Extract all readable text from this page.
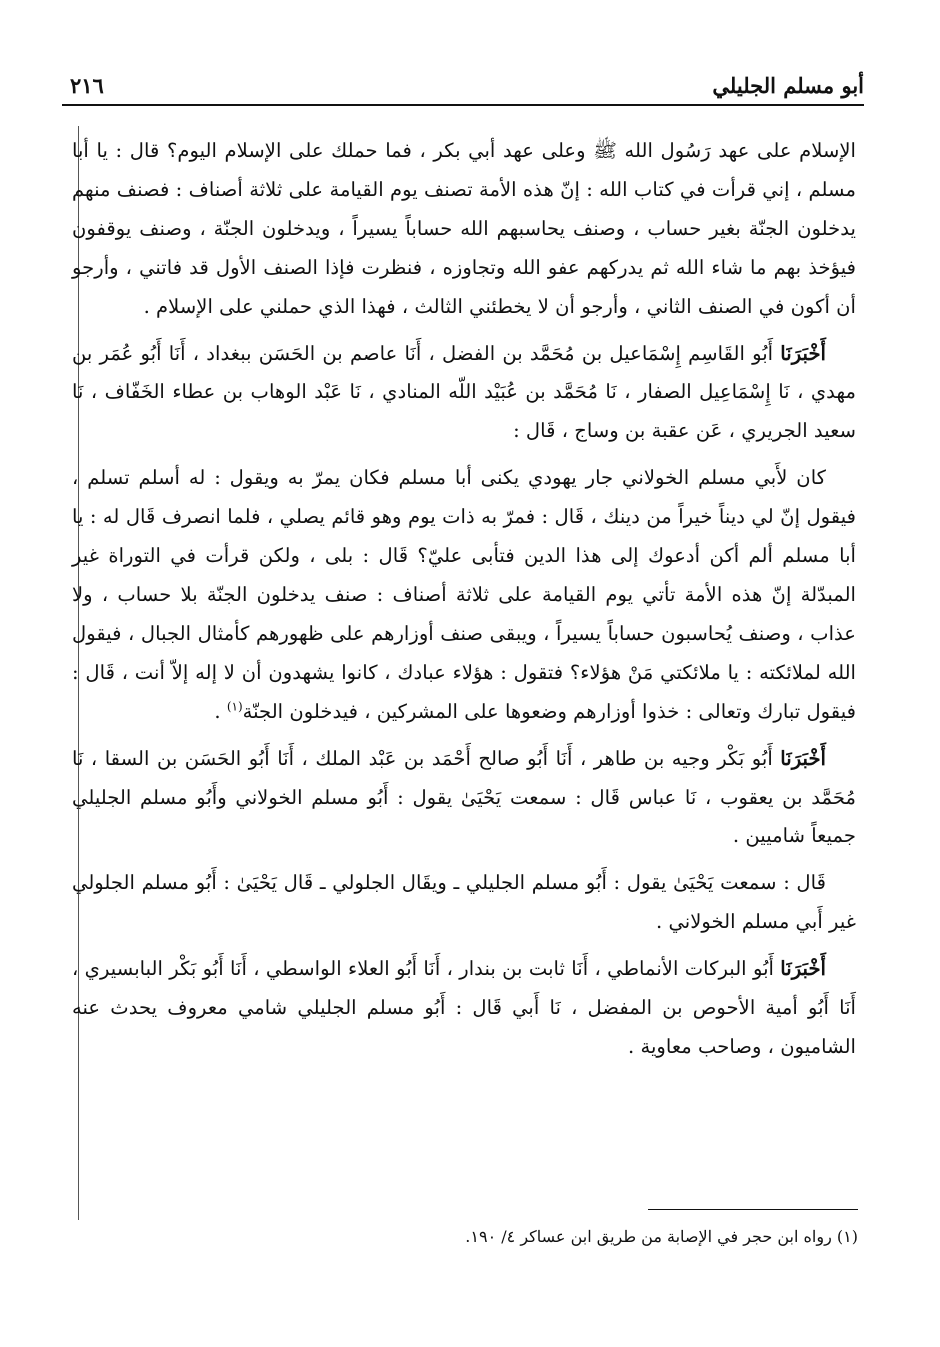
أبو مسلم الجليلي
٢١٦

الإسلام على عهد رَسُول الله ﷺ وعلى عهد أبي بكر ، فما حملك على الإسلام اليوم؟ قال : يا أبا مسلم ، إني قرأت في كتاب الله : إنّ هذه الأمة تصنف يوم القيامة على ثلاثة أصناف : فصنف منهم يدخلون الجنّة بغير حساب ، وصنف يحاسبهم الله حساباً يسيراً ، ويدخلون الجنّة ، وصنف يوقفون فيؤخذ بهم ما شاء الله ثم يدركهم عفو الله وتجاوزه ، فنظرت فإذا الصنف الأول قد فاتني ، وأرجو أن أكون في الصنف الثاني ، وأرجو أن لا يخطئني الثالث ، فهذا الذي حملني على الإسلام .

أَخْبَرَنَا أَبُو القَاسِم إِسْمَاعيل بن مُحَمَّد بن الفضل ، أَنَا عاصم بن الحَسَن ببغداد ، أَنَا أَبُو عُمَر بن مهدي ، نَا إِسْمَاعِيل الصفار ، نَا مُحَمَّد بن عُبَيْد اللّه المنادي ، نَا عَبْد الوهاب بن عطاء الخَفّاف ، نَا سعيد الجريري ، عَن عقبة بن وساج ، قَال :

كان لأَبي مسلم الخولاني جار يهودي يكنى أبا مسلم فكان يمرّ به ويقول : له أسلم تسلم ، فيقول إنّ لي ديناً خيراً من دينك ، قَال : فمرّ به ذات يوم وهو قائم يصلي ، فلما انصرف قَال له : يا أبا مسلم ألم أكن أدعوك إلى هذا الدين فتأبى عليّ؟ قَال : بلى ، ولكن قرأت في التوراة غير المبدّلة إنّ هذه الأمة تأتي يوم القيامة على ثلاثة أصناف : صنف يدخلون الجنّة بلا حساب ، ولا عذاب ، وصنف يُحاسبون حساباً يسيراً ، ويبقى صنف أوزارهم على ظهورهم كأمثال الجبال ، فيقول الله لملائكته : يا ملائكتي مَنْ هؤلاء؟ فتقول : هؤلاء عبادك ، كانوا يشهدون أن لا إله إلاّ أنت ، قَال : فيقول تبارك وتعالى : خذوا أوزارهم وضعوها على المشركين ، فيدخلون الجنّة$^{(١)}$ .

أَخْبَرَنَا أَبُو بَكْر وجيه بن طاهر ، أَنَا أَبُو صالح أَحْمَد بن عَبْد الملك ، أَنَا أَبُو الحَسَن بن السقا ، نَا مُحَمَّد بن يعقوب ، نَا عباس قَال : سمعت يَحْيَىٰ يقول : أَبُو مسلم الخولاني وأَبُو مسلم الجليلي جميعاً شاميين .

قَال : سمعت يَحْيَىٰ يقول : أَبُو مسلم الجليلي ـ ويقَال الجلولي ـ قَال يَحْيَىٰ : أَبُو مسلم الجلولي غير أَبي مسلم الخولاني .

أَخْبَرَنَا أَبُو البركات الأنماطي ، أَنَا ثابت بن بندار ، أَنَا أَبُو العلاء الواسطي ، أَنَا أَبُو بَكْر البابسيري ، أَنَا أَبُو أمية الأحوص بن المفضل ، نَا أَبي قَال : أَبُو مسلم الجليلي شامي معروف يحدث عنه الشاميون ، وصاحب معاوية .

(١) رواه ابن حجر في الإصابة من طريق ابن عساكر ٤/ ١٩٠.
